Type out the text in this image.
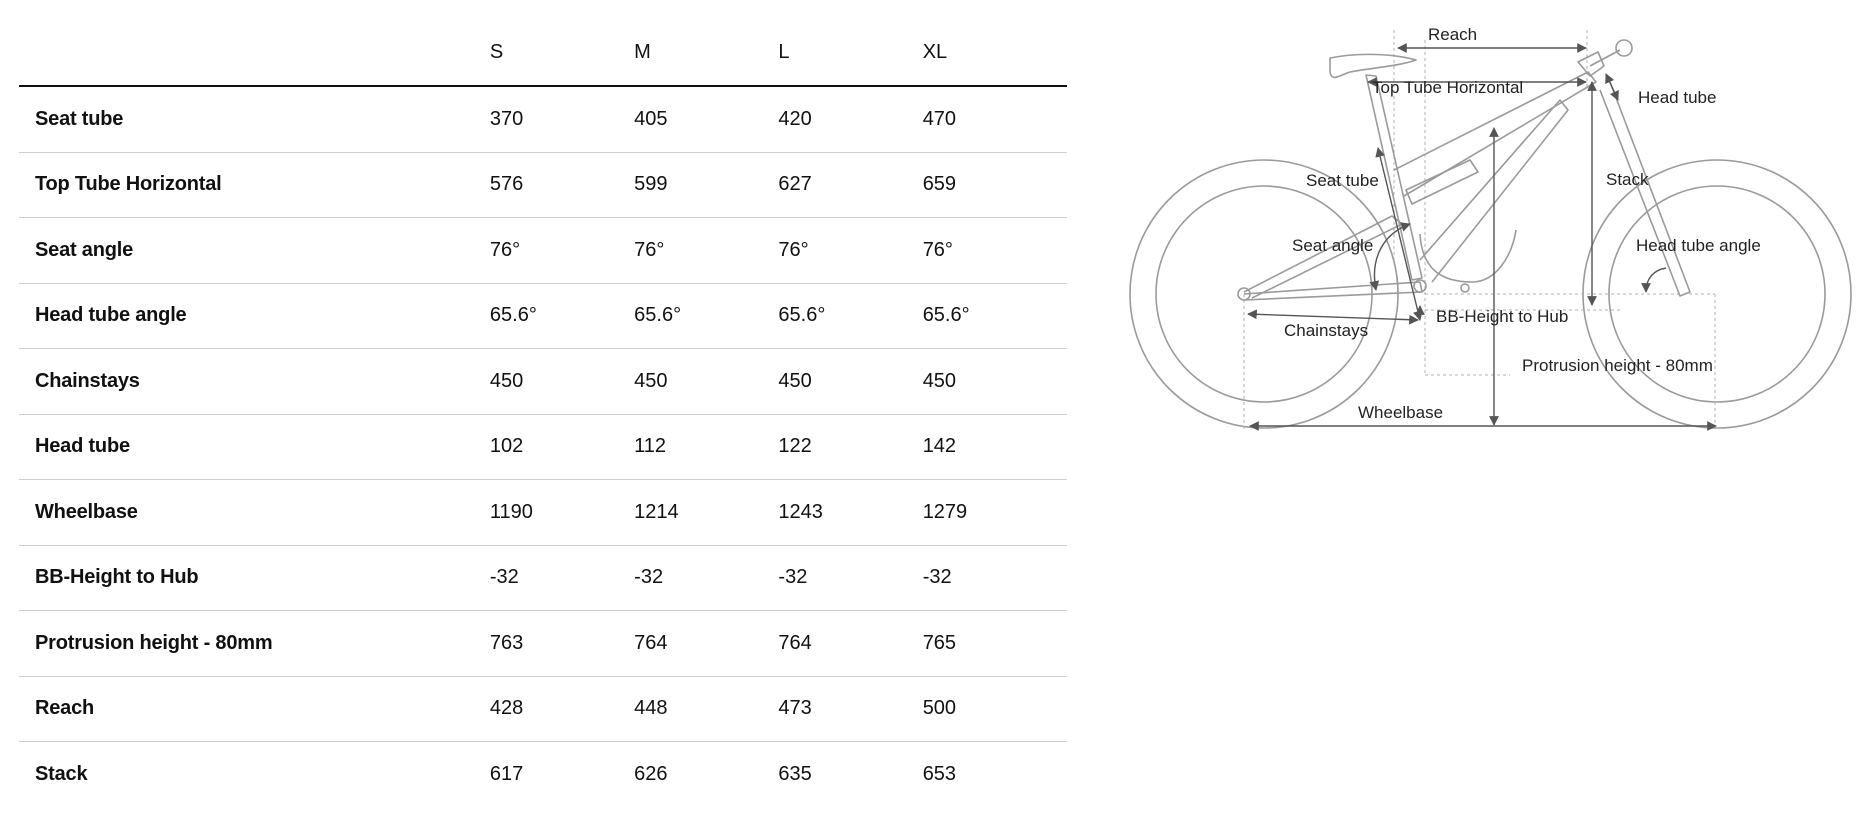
	S	M	L	XL
Seat tube	370	405	420	470
Top Tube Horizontal	576	599	627	659
Seat angle	76°	76°	76°	76°
Head tube angle	65.6°	65.6°	65.6°	65.6°
Chainstays	450	450	450	450
Head tube	102	112	122	142
Wheelbase	1190	1214	1243	1279
BB-Height to Hub	-32	-32	-32	-32
Protrusion height - 80mm	763	764	764	765
Reach	428	448	473	500
Stack	617	626	635	653
Reach
Top Tube Horizontal
Head tube
Seat tube	Stack
Seat angle	Head tube angle
BB-Height to Hub
Chainstays
Protrusion height - 80mm
Wheelbase
